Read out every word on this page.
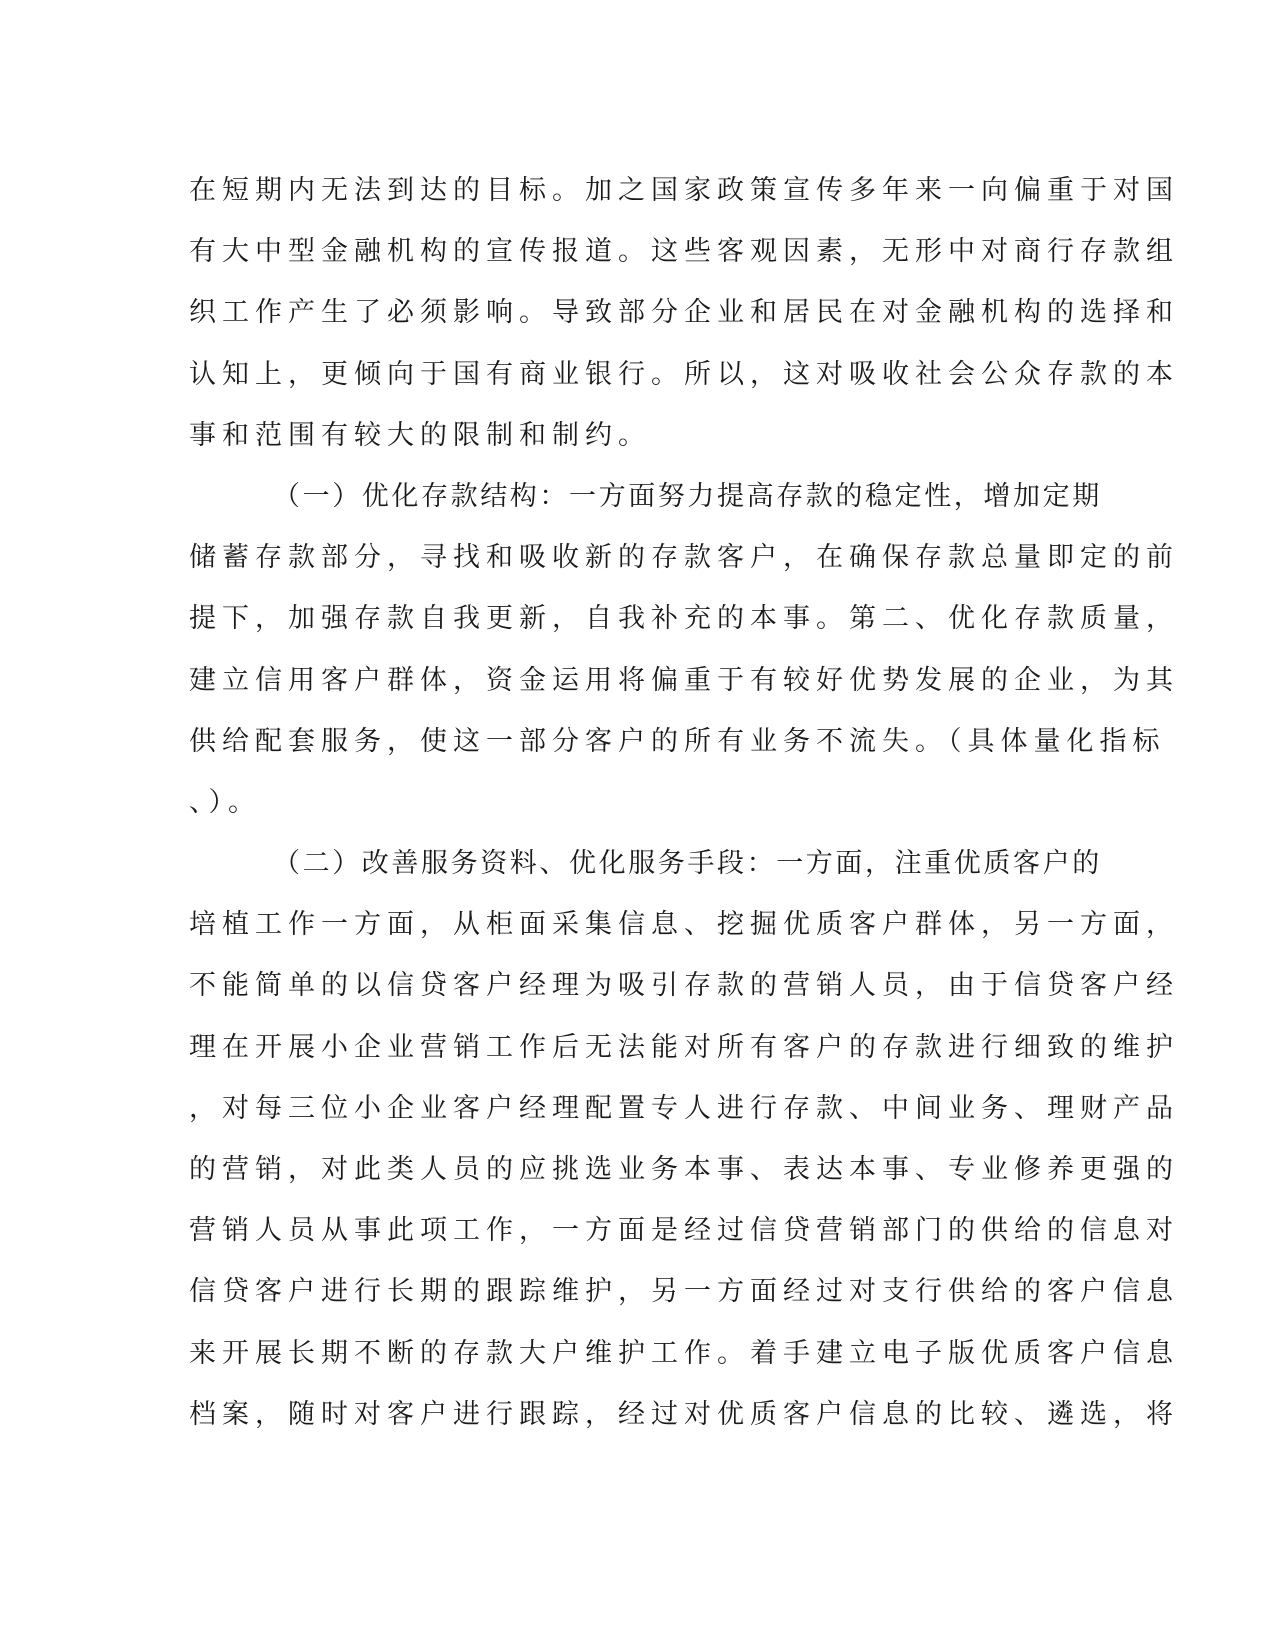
在短期内无法到达的目标。加之国家政策宣传多年来一向偏重于对国
有大中型金融机构的宣传报道。这些客观因素，无形中对商行存款组
织工作产生了必须影响。导致部分企业和居民在对金融机构的选择和
认知上，更倾向于国有商业银行。所以，这对吸收社会公众存款的本
事和范围有较大的限制和制约。
（一）优化存款结构：一方面努力提高存款的稳定性，增加定期
储蓄存款部分，寻找和吸收新的存款客户，在确保存款总量即定的前
提下，加强存款自我更新，自我补充的本事。第二、优化存款质量，
建立信用客户群体，资金运用将偏重于有较好优势发展的企业，为其
供给配套服务，使这一部分客户的所有业务不流失。（具体量化指标
、）。
（二）改善服务资料、优化服务手段：一方面，注重优质客户的
培植工作一方面，从柜面采集信息、挖掘优质客户群体，另一方面，
不能简单的以信贷客户经理为吸引存款的营销人员，由于信贷客户经
理在开展小企业营销工作后无法能对所有客户的存款进行细致的维护
，对每三位小企业客户经理配置专人进行存款、中间业务、理财产品
的营销，对此类人员的应挑选业务本事、表达本事、专业修养更强的
营销人员从事此项工作，一方面是经过信贷营销部门的供给的信息对
信贷客户进行长期的跟踪维护，另一方面经过对支行供给的客户信息
来开展长期不断的存款大户维护工作。着手建立电子版优质客户信息
档案，随时对客户进行跟踪，经过对优质客户信息的比较、遴选，将
